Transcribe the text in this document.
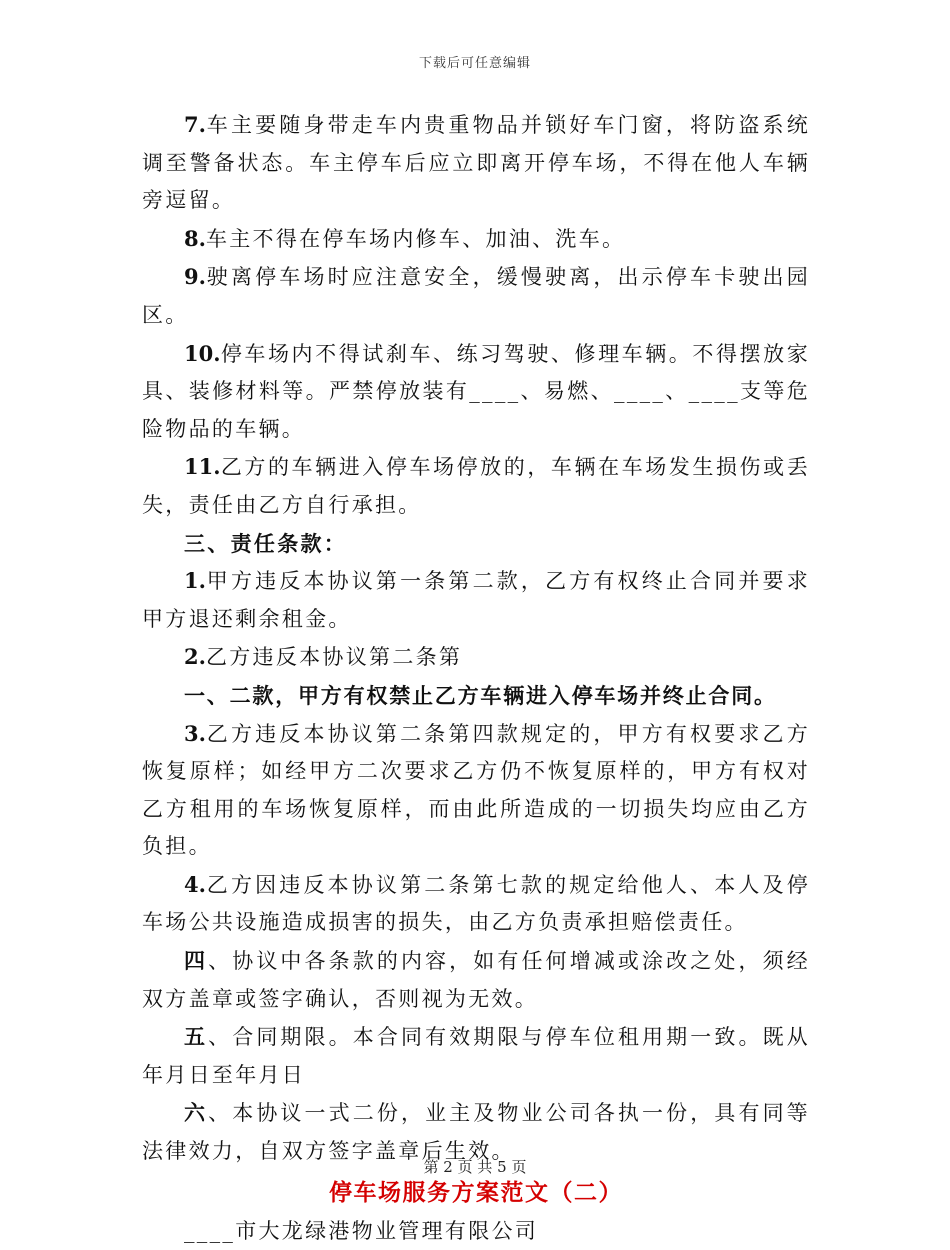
下载后可任意编辑

7.车主要随身带走车内贵重物品并锁好车门窗，将防盗系统调至警备状态。车主停车后应立即离开停车场，不得在他人车辆旁逗留。

8.车主不得在停车场内修车、加油、洗车。

9.驶离停车场时应注意安全，缓慢驶离，出示停车卡驶出园区。

10.停车场内不得试刹车、练习驾驶、修理车辆。不得摆放家具、装修材料等。严禁停放装有____、易燃、____、____支等危险物品的车辆。

11.乙方的车辆进入停车场停放的，车辆在车场发生损伤或丢失，责任由乙方自行承担。

三、责任条款：

1.甲方违反本协议第一条第二款，乙方有权终止合同并要求甲方退还剩余租金。

2.乙方违反本协议第二条第

一、二款，甲方有权禁止乙方车辆进入停车场并终止合同。

3.乙方违反本协议第二条第四款规定的，甲方有权要求乙方恢复原样；如经甲方二次要求乙方仍不恢复原样的，甲方有权对乙方租用的车场恢复原样，而由此所造成的一切损失均应由乙方负担。

4.乙方因违反本协议第二条第七款的规定给他人、本人及停车场公共设施造成损害的损失，由乙方负责承担赔偿责任。

四、协议中各条款的内容，如有任何增减或涂改之处，须经双方盖章或签字确认，否则视为无效。

五、合同期限。本合同有效期限与停车位租用期一致。既从年月日至年月日

六、本协议一式二份，业主及物业公司各执一份，具有同等法律效力，自双方签字盖章后生效。

停车场服务方案范文（二）

____市大龙绿港物业管理有限公司

第 2 页 共 5 页
